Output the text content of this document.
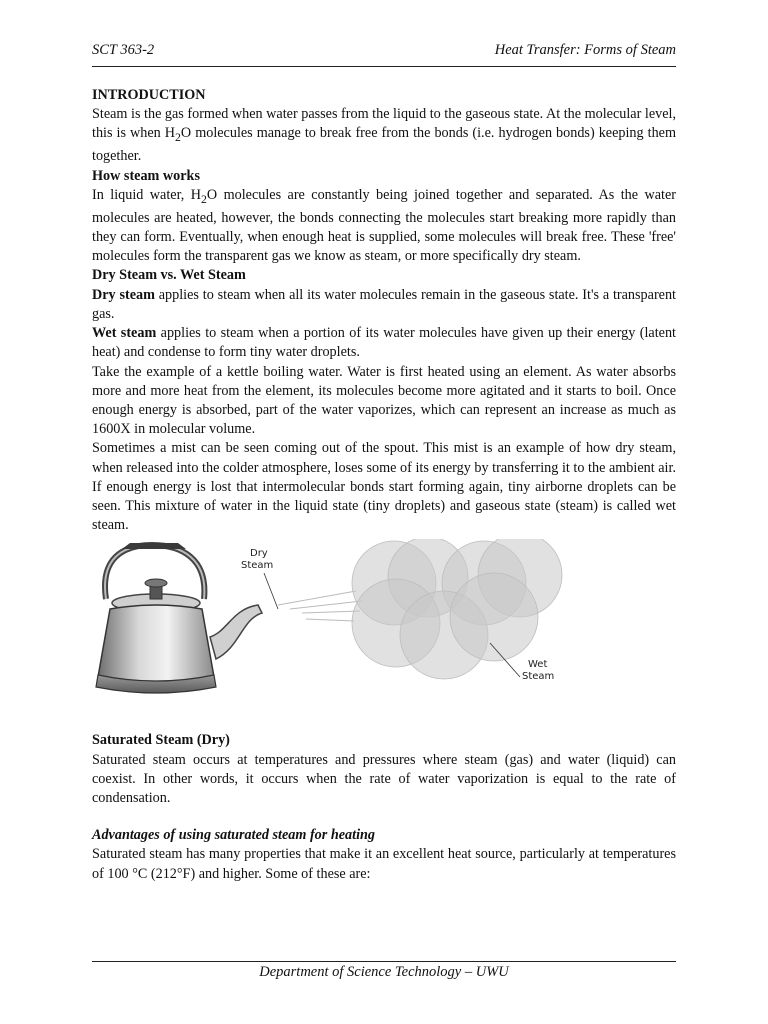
SCT 363-2	Heat Transfer: Forms of Steam

INTRODUCTION

Steam is the gas formed when water passes from the liquid to the gaseous state. At the molecular level, this is when $H_2O$ molecules manage to break free from the bonds (i.e. hydrogen bonds) keeping them together.

How steam works

In liquid water, $H_2O$ molecules are constantly being joined together and separated. As the water molecules are heated, however, the bonds connecting the molecules start breaking more rapidly than they can form. Eventually, when enough heat is supplied, some molecules will break free. These 'free' molecules form the transparent gas we know as steam, or more specifically dry steam.

Dry Steam vs. Wet Steam

Dry steam applies to steam when all its water molecules remain in the gaseous state. It's a transparent gas.

Wet steam applies to steam when a portion of its water molecules have given up their energy (latent heat) and condense to form tiny water droplets.

Take the example of a kettle boiling water. Water is first heated using an element. As water absorbs more and more heat from the element, its molecules become more agitated and it starts to boil. Once enough energy is absorbed, part of the water vaporizes, which can represent an increase as much as 1600X in molecular volume.

Sometimes a mist can be seen coming out of the spout. This mist is an example of how dry steam, when released into the colder atmosphere, loses some of its energy by transferring it to the ambient air. If enough energy is lost that intermolecular bonds start forming again, tiny airborne droplets can be seen. This mixture of water in the liquid state (tiny droplets) and gaseous state (steam) is called wet steam.

Dry
Steam
Wet
Steam

Saturated Steam (Dry)

Saturated steam occurs at temperatures and pressures where steam (gas) and water (liquid) can coexist. In other words, it occurs when the rate of water vaporization is equal to the rate of condensation.

Advantages of using saturated steam for heating

Saturated steam has many properties that make it an excellent heat source, particularly at temperatures of 100 °C (212°F) and higher. Some of these are:

Department of Science Technology – UWU
